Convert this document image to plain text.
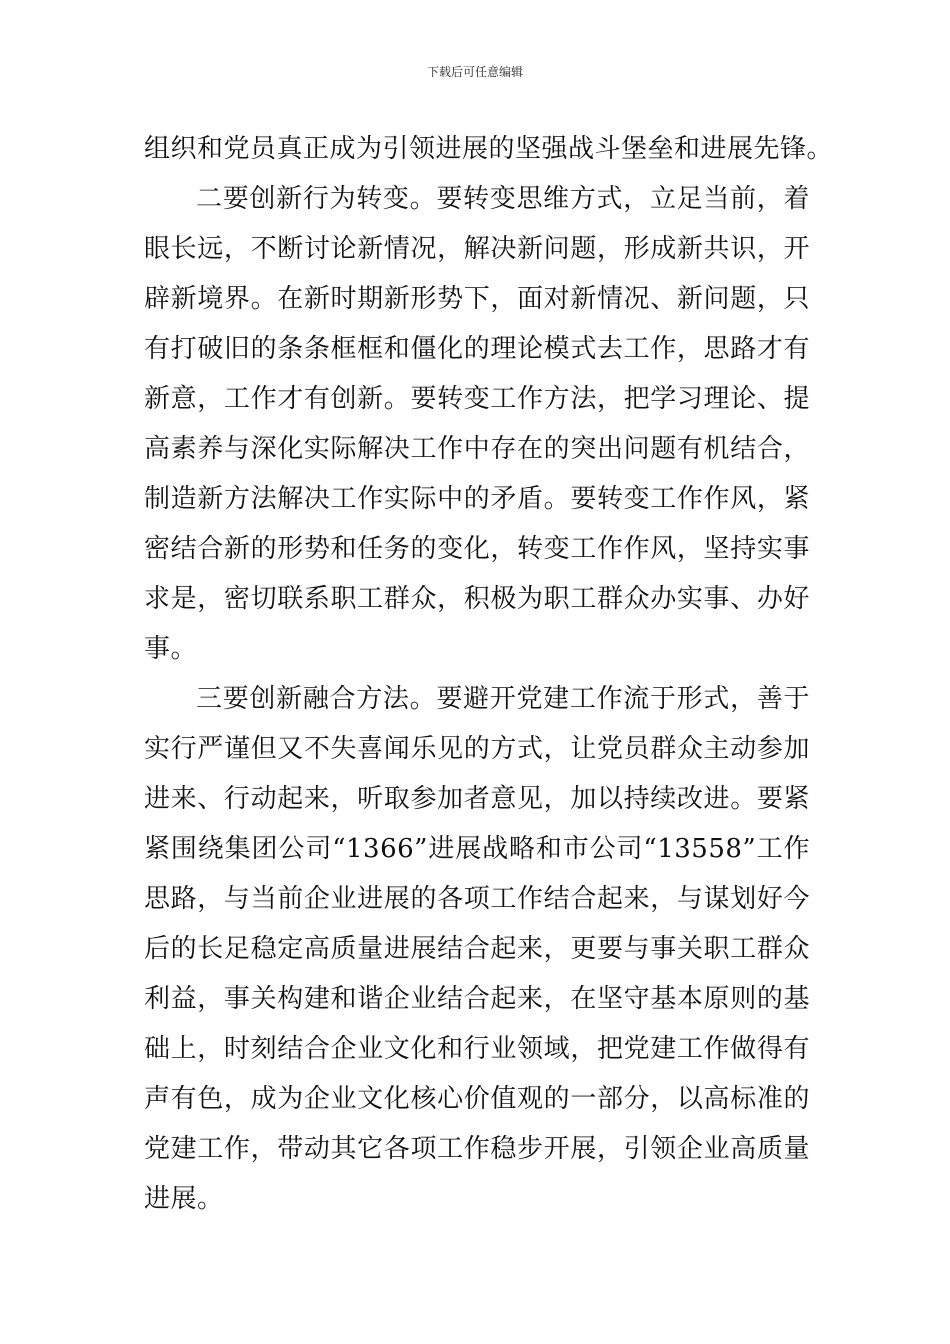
下载后可任意编辑
组织和党员真正成为引领进展的坚强战斗堡垒和进展先锋。
二要创新行为转变。要转变思维方式，立足当前，着
眼长远，不断讨论新情况，解决新问题，形成新共识，开
辟新境界。在新时期新形势下，面对新情况、新问题，只
有打破旧的条条框框和僵化的理论模式去工作，思路才有
新意，工作才有创新。要转变工作方法，把学习理论、提
高素养与深化实际解决工作中存在的突出问题有机结合，
制造新方法解决工作实际中的矛盾。要转变工作作风，紧
密结合新的形势和任务的变化，转变工作作风，坚持实事
求是，密切联系职工群众，积极为职工群众办实事、办好
事。
三要创新融合方法。要避开党建工作流于形式，善于
实行严谨但又不失喜闻乐见的方式，让党员群众主动参加
进来、行动起来，听取参加者意见，加以持续改进。要紧
紧围绕集团公司“1366”进展战略和市公司“13558”工作
思路，与当前企业进展的各项工作结合起来，与谋划好今
后的长足稳定高质量进展结合起来，更要与事关职工群众
利益，事关构建和谐企业结合起来，在坚守基本原则的基
础上，时刻结合企业文化和行业领域，把党建工作做得有
声有色，成为企业文化核心价值观的一部分，以高标准的
党建工作，带动其它各项工作稳步开展，引领企业高质量
进展。
